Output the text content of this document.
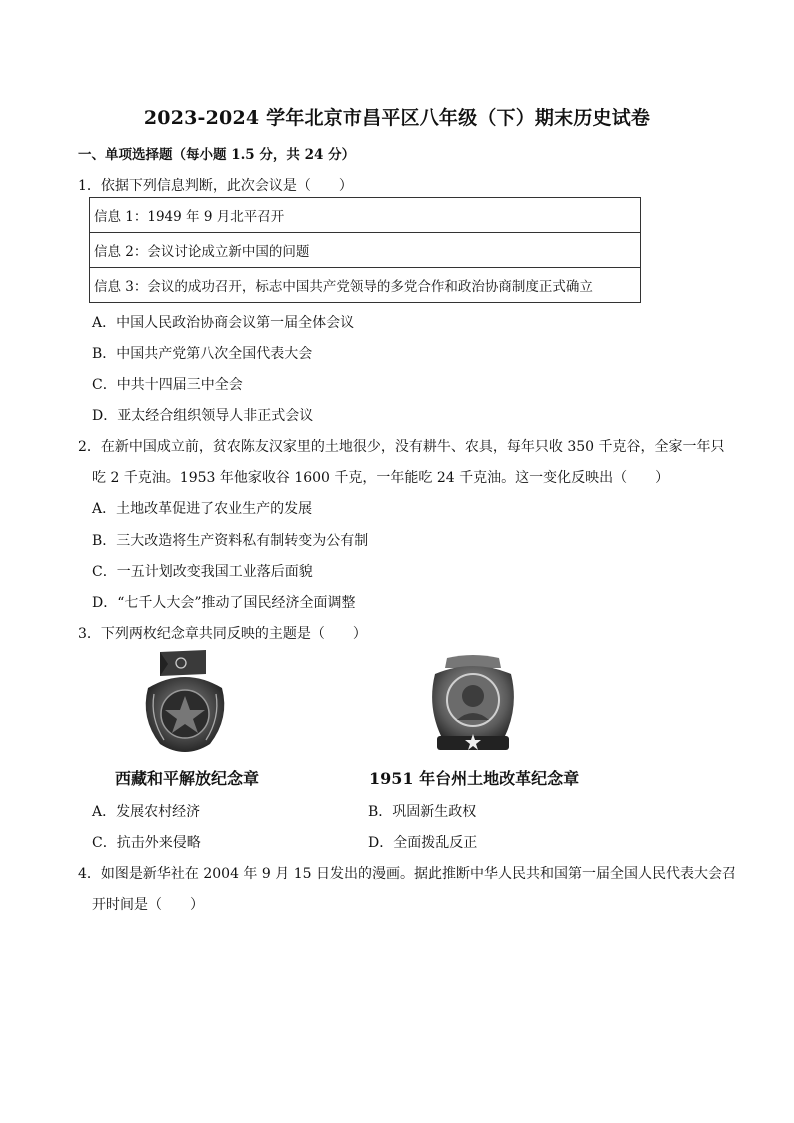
2023-2024 学年北京市昌平区八年级（下）期末历史试卷
一、单项选择题（每小题 1.5 分，共 24 分）
1．依据下列信息判断，此次会议是（　　）
信息 1：1949 年 9 月北平召开
信息 2：会议讨论成立新中国的问题
信息 3：会议的成功召开，标志中国共产党领导的多党合作和政治协商制度正式确立
A．中国人民政治协商会议第一届全体会议
B．中国共产党第八次全国代表大会
C．中共十四届三中全会
D．亚太经合组织领导人非正式会议
2．在新中国成立前，贫农陈友汉家里的土地很少，没有耕牛、农具，每年只收 350 千克谷，全家一年只
吃 2 千克油。1953 年他家收谷 1600 千克，一年能吃 24 千克油。这一变化反映出（　　）
A．土地改革促进了农业生产的发展
B．三大改造将生产资料私有制转变为公有制
C．一五计划改变我国工业落后面貌
D．“七千人大会”推动了国民经济全面调整
3．下列两枚纪念章共同反映的主题是（　　）
西藏和平解放纪念章	1951 年台州土地改革纪念章
A．发展农村经济	B．巩固新生政权
C．抗击外来侵略	D．全面拨乱反正
4．如图是新华社在 2004 年 9 月 15 日发出的漫画。据此推断中华人民共和国第一届全国人民代表大会召
开时间是（　　）
